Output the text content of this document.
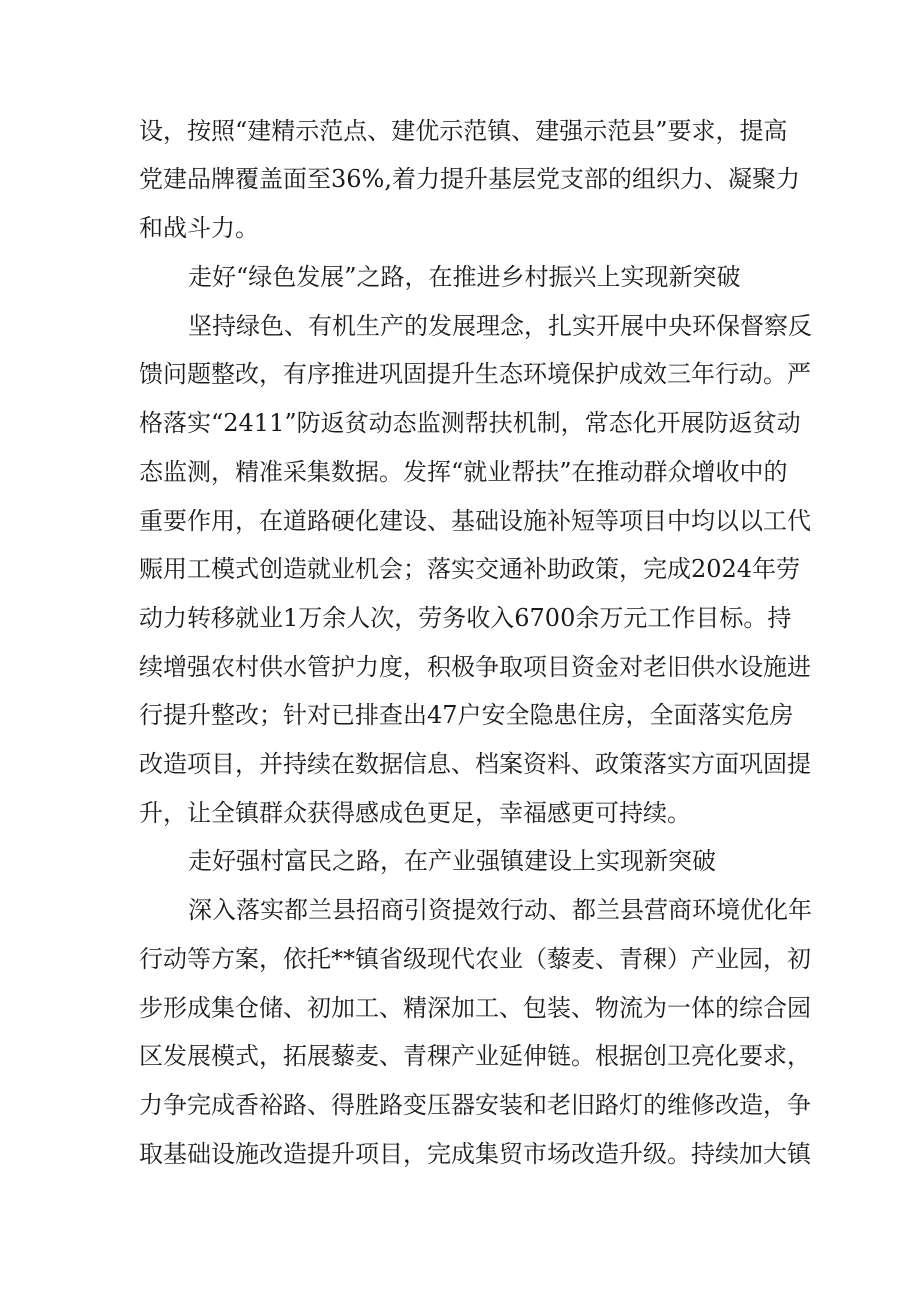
设，按照“建精示范点、建优示范镇、建强示范县”要求，提高
党建品牌覆盖面至36%,着力提升基层党支部的组织力、凝聚力
和战斗力。
走好“绿色发展”之路，在推进乡村振兴上实现新突破
坚持绿色、有机生产的发展理念，扎实开展中央环保督察反
馈问题整改，有序推进巩固提升生态环境保护成效三年行动。严
格落实“2411”防返贫动态监测帮扶机制，常态化开展防返贫动
态监测，精准采集数据。发挥“就业帮扶”在推动群众增收中的
重要作用，在道路硬化建设、基础设施补短等项目中均以以工代
赈用工模式创造就业机会；落实交通补助政策，完成2024年劳
动力转移就业1万余人次，劳务收入6700余万元工作目标。持
续增强农村供水管护力度，积极争取项目资金对老旧供水设施进
行提升整改；针对已排查出47户安全隐患住房，全面落实危房
改造项目，并持续在数据信息、档案资料、政策落实方面巩固提
升，让全镇群众获得感成色更足，幸福感更可持续。
走好强村富民之路，在产业强镇建设上实现新突破
深入落实都兰县招商引资提效行动、都兰县营商环境优化年
行动等方案，依托**镇省级现代农业（藜麦、青稞）产业园，初
步形成集仓储、初加工、精深加工、包装、物流为一体的综合园
区发展模式，拓展藜麦、青稞产业延伸链。根据创卫亮化要求，
力争完成香裕路、得胜路变压器安装和老旧路灯的维修改造，争
取基础设施改造提升项目，完成集贸市场改造升级。持续加大镇
